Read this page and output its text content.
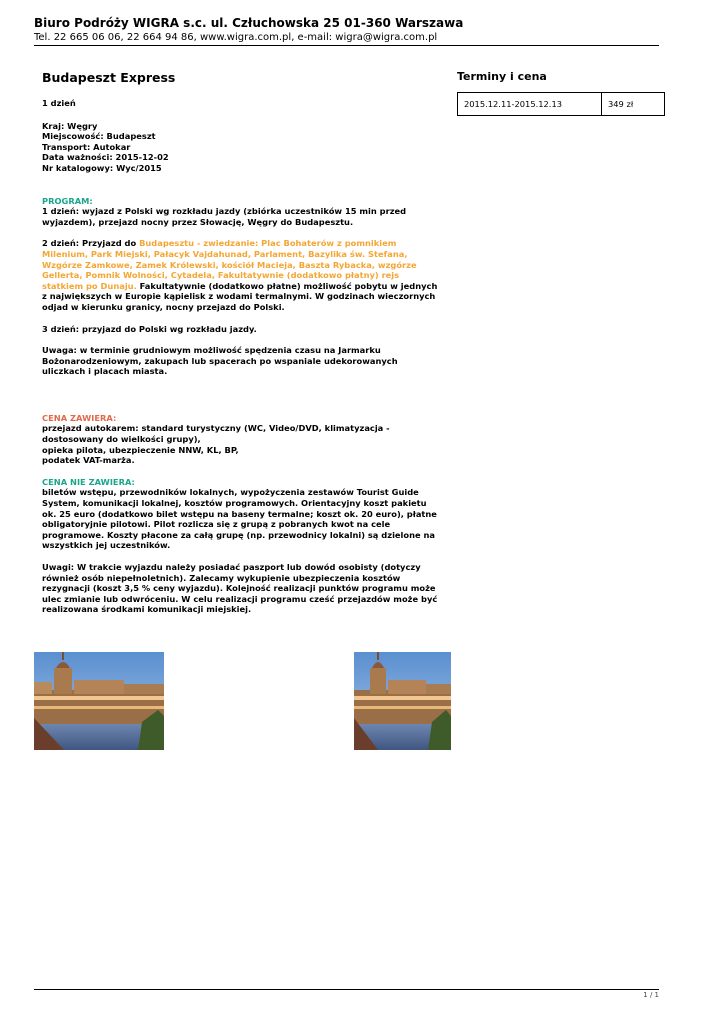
Biuro Podróży WIGRA s.c. ul. Człuchowska 25 01-360 Warszawa
Tel. 22 665 06 06, 22 664 94 86, www.wigra.com.pl, e-mail: wigra@wigra.com.pl
Budapeszt Express
1 dzień
Kraj: Węgry
Miejscowość: Budapeszt
Transport: Autokar
Data ważności: 2015-12-02
Nr katalogowy: Wyc/2015
PROGRAM:

1 dzień: wyjazd z Polski wg rozkładu jazdy (zbiórka uczestników 15 min przed wyjazdem), przejazd nocny przez Słowację, Węgry do Budapesztu.

2 dzień: Przyjazd do Budapesztu - zwiedzanie: Plac Bohaterów z pomnikiem Milenium, Park Miejski, Pałacyk Vajdahunad, Parlament, Bazylika św. Stefana, Wzgórze Zamkowe, Zamek Królewski, kościół Macieja, Baszta Rybacka, wzgórze Gellerta, Pomnik Wolności, Cytadela, Fakultatywnie (dodatkowo płatny) rejs statkiem po Dunaju. Fakultatywnie (dodatkowo płatne) możliwość pobytu w jednych z największych w Europie kąpielisk z wodami termalnymi. W godzinach wieczornych odjad w kierunku granicy, nocny przejazd do Polski.

3 dzień: przyjazd do Polski wg rozkładu jazdy.

Uwaga: w terminie grudniowym możliwość spędzenia czasu na Jarmarku Bożonarodzeniowym, zakupach lub spacerach po wspaniale udekorowanych uliczkach i placach miasta.

CENA ZAWIERA:
przejazd autokarem: standard turystyczny (WC, Video/DVD, klimatyzacja - dostosowany do wielkości grupy),
opieka pilota, ubezpieczenie NNW, KL, BP,
podatek VAT-marża.
CENA NIE ZAWIERA:

biletów wstępu, przewodników lokalnych, wypożyczenia zestawów Tourist Guide System, komunikacji lokalnej, kosztów programowych. Orientacyjny koszt pakietu ok. 25 euro (dodatkowo bilet wstępu na baseny termalne; koszt ok. 20 euro), płatne obligatoryjnie pilotowi. Pilot rozlicza się z grupą z pobranych kwot na cele programowe. Koszty płacone za całą grupę (np. przewodnicy lokalni) są dzielone na wszystkich jej uczestników.

Uwagi: W trakcie wyjazdu należy posiadać paszport lub dowód osobisty (dotyczy również osób niepełnoletnich). Zalecamy wykupienie ubezpieczenia kosztów rezygnacji (koszt 3,5 % ceny wyjazdu). Kolejność realizacji punktów programu może ulec zmianie lub odwróceniu. W celu realizacji programu cześć przejazdów może być realizowana środkami komunikacji miejskiej.

Terminy i cena
2015.12.11-2015.12.13	349 zł
1 / 1
